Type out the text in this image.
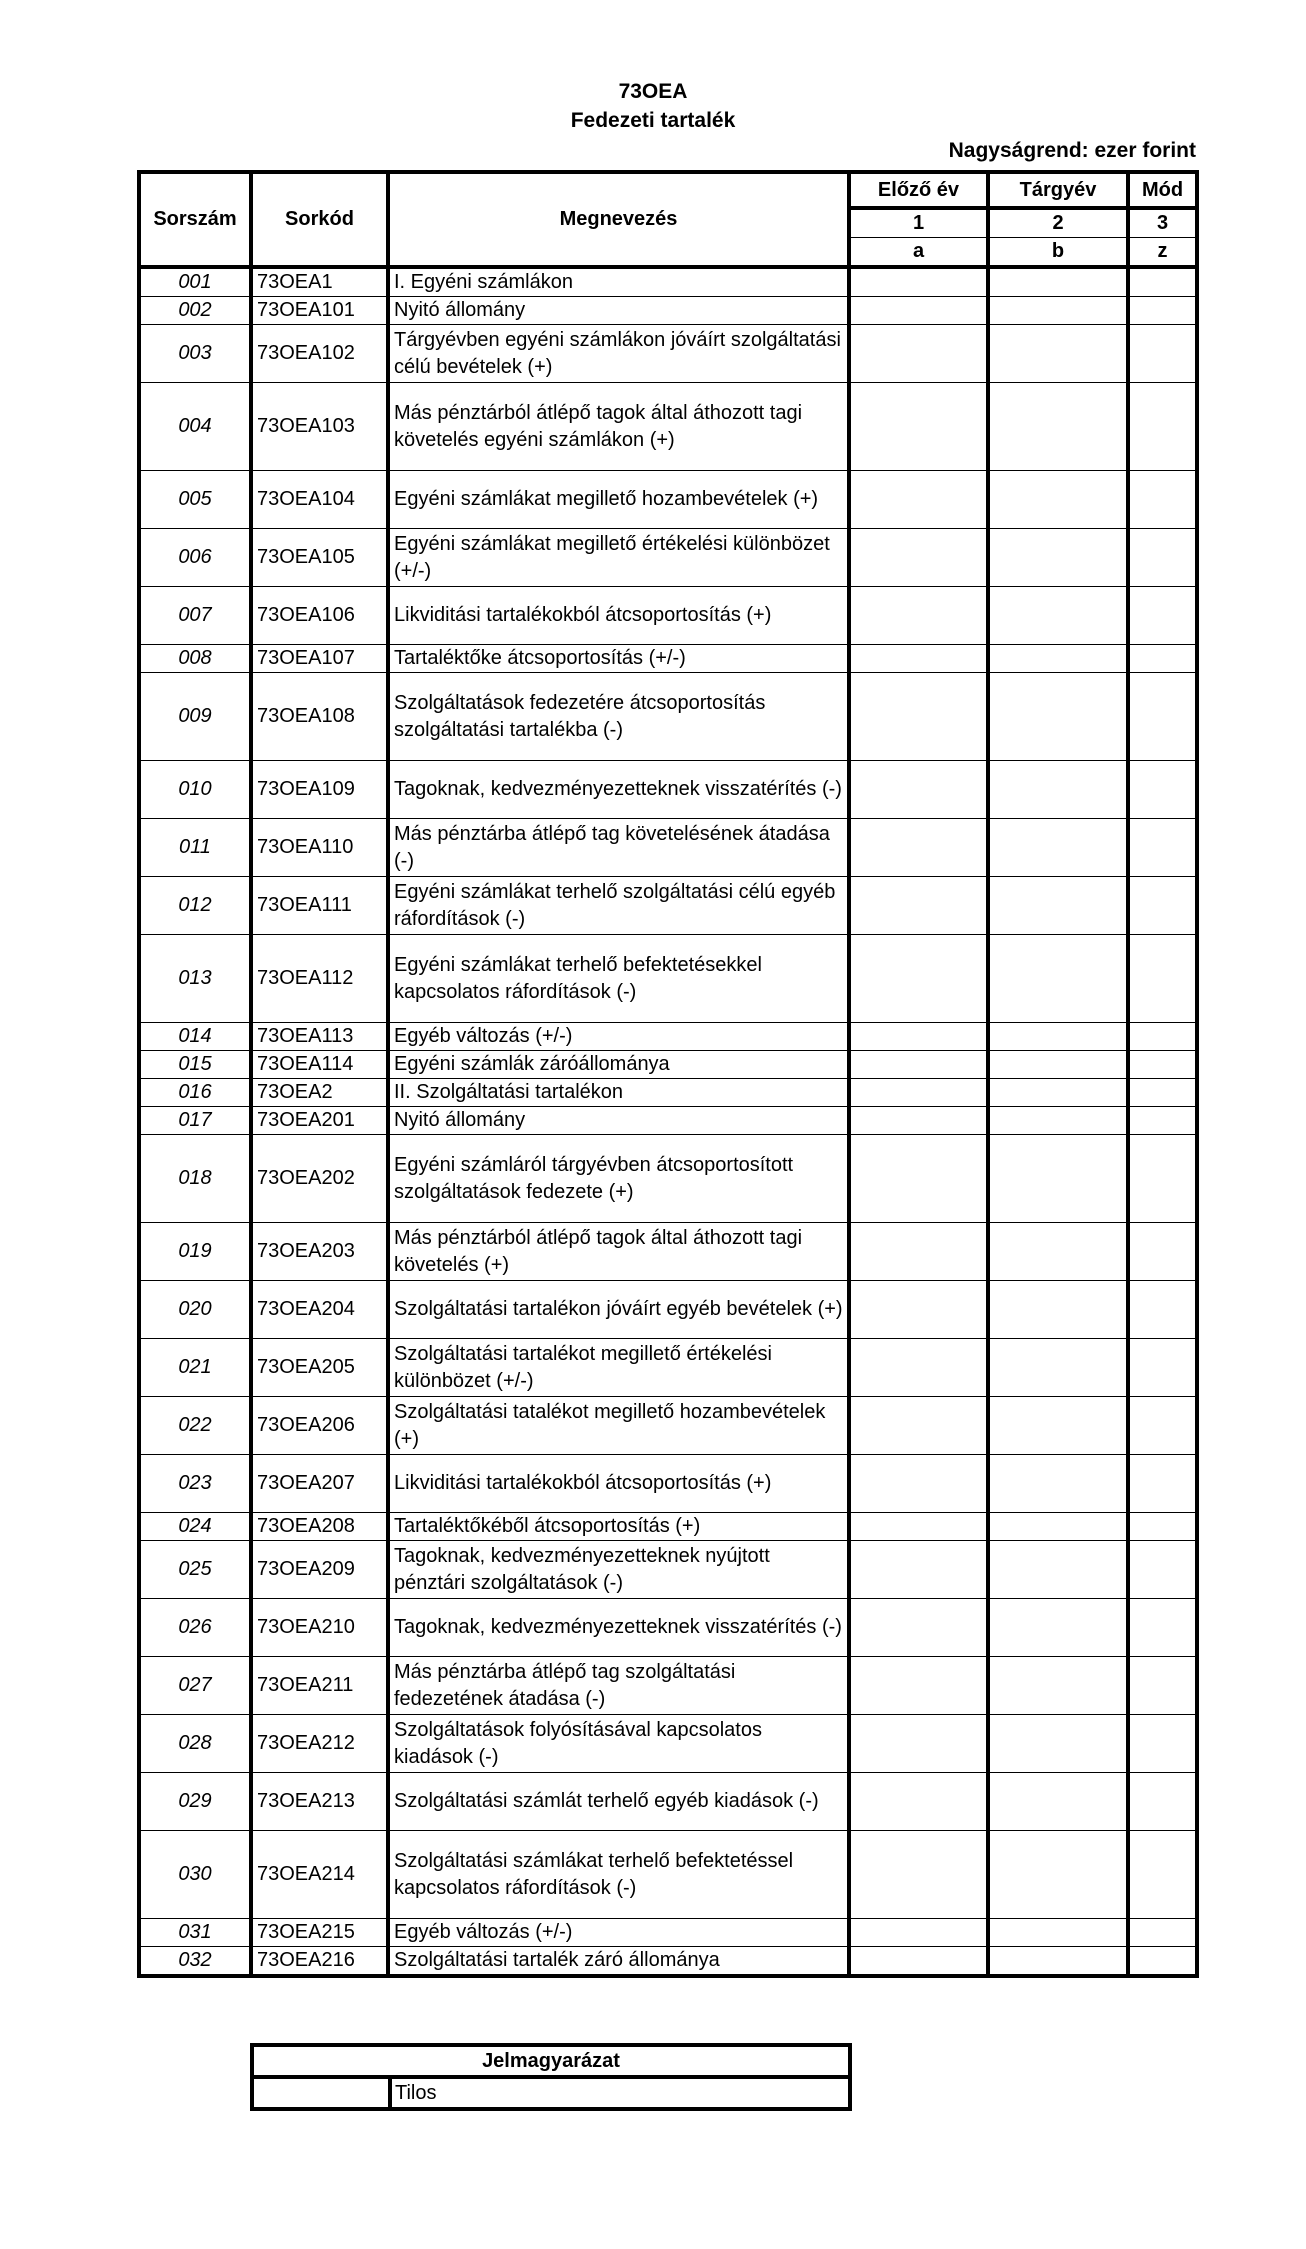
73OEA
Fedezeti tartalék
Nagyságrend: ezer forint
Sorszám	Sorkód	Megnevezés	Előző év	Tárgyév	Mód
			1	2	3
			a	b	z
001	73OEA1	I. Egyéni számlákon			
002	73OEA101	Nyitó állomány			
003	73OEA102	Tárgyévben egyéni számlákon jóváírt szolgáltatási célú bevételek (+)			
004	73OEA103	Más pénztárból átlépő tagok által áthozott tagi követelés egyéni számlákon (+)			
005	73OEA104	Egyéni számlákat megillető hozambevételek (+)			
006	73OEA105	Egyéni számlákat megillető értékelési különbözet (+/-)			
007	73OEA106	Likviditási tartalékokból átcsoportosítás (+)			
008	73OEA107	Tartaléktőke átcsoportosítás (+/-)			
009	73OEA108	Szolgáltatások fedezetére átcsoportosítás szolgáltatási tartalékba (-)			
010	73OEA109	Tagoknak, kedvezményezetteknek visszatérítés (-)			
011	73OEA110	Más pénztárba átlépő tag követelésének átadása (-)			
012	73OEA111	Egyéni számlákat terhelő szolgáltatási célú egyéb ráfordítások (-)			
013	73OEA112	Egyéni számlákat terhelő befektetésekkel kapcsolatos ráfordítások (-)			
014	73OEA113	Egyéb változás (+/-)			
015	73OEA114	Egyéni számlák záróállománya			
016	73OEA2	II. Szolgáltatási tartalékon			
017	73OEA201	Nyitó állomány			
018	73OEA202	Egyéni számláról tárgyévben átcsoportosított szolgáltatások fedezete (+)			
019	73OEA203	Más pénztárból átlépő tagok által áthozott tagi követelés (+)			
020	73OEA204	Szolgáltatási tartalékon jóváírt egyéb bevételek (+)			
021	73OEA205	Szolgáltatási tartalékot megillető értékelési különbözet (+/-)			
022	73OEA206	Szolgáltatási tatalékot megillető hozambevételek (+)			
023	73OEA207	Likviditási tartalékokból átcsoportosítás (+)			
024	73OEA208	Tartaléktőkéből átcsoportosítás (+)			
025	73OEA209	Tagoknak, kedvezményezetteknek nyújtott pénztári szolgáltatások (-)			
026	73OEA210	Tagoknak, kedvezményezetteknek visszatérítés (-)			
027	73OEA211	Más pénztárba átlépő tag szolgáltatási fedezetének átadása (-)			
028	73OEA212	Szolgáltatások folyósításával kapcsolatos kiadások (-)			
029	73OEA213	Szolgáltatási számlát terhelő egyéb kiadások (-)			
030	73OEA214	Szolgáltatási számlákat terhelő befektetéssel kapcsolatos ráfordítások (-)			
031	73OEA215	Egyéb változás (+/-)			
032	73OEA216	Szolgáltatási tartalék záró állománya			
Jelmagyarázat
	Tilos
